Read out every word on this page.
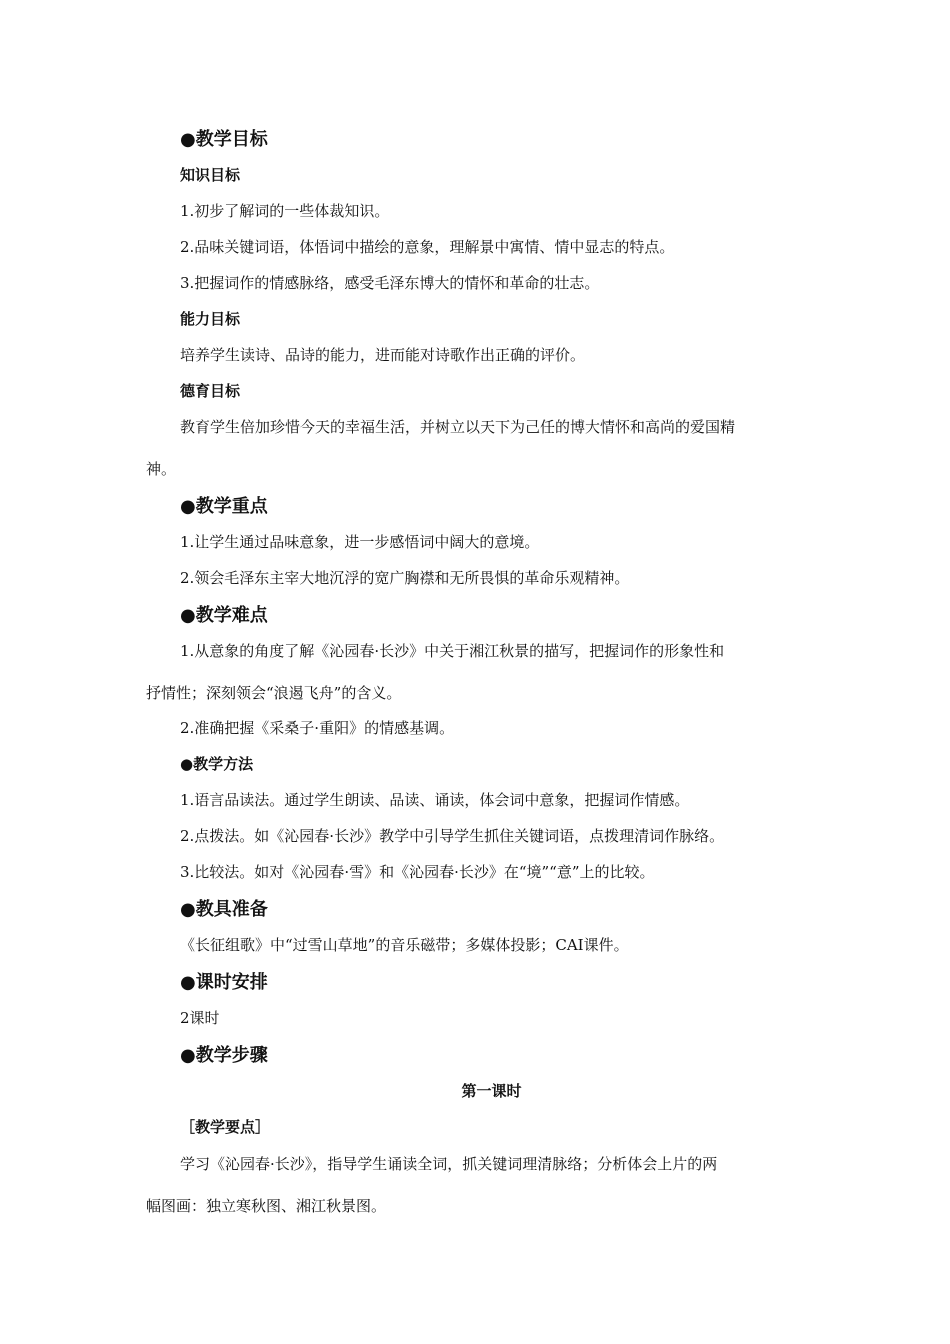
●教学目标
知识目标
1.初步了解词的一些体裁知识。
2.品味关键词语，体悟词中描绘的意象，理解景中寓情、情中显志的特点。
3.把握词作的情感脉络，感受毛泽东博大的情怀和革命的壮志。
能力目标
培养学生读诗、品诗的能力，进而能对诗歌作出正确的评价。
德育目标
教育学生倍加珍惜今天的幸福生活，并树立以天下为己任的博大情怀和高尚的爱国精
神。
●教学重点
1.让学生通过品味意象，进一步感悟词中阔大的意境。
2.领会毛泽东主宰大地沉浮的宽广胸襟和无所畏惧的革命乐观精神。
●教学难点
1.从意象的角度了解《沁园春·长沙》中关于湘江秋景的描写，把握词作的形象性和
抒情性；深刻领会“浪遏飞舟”的含义。
2.准确把握《采桑子·重阳》的情感基调。
●教学方法
1.语言品读法。通过学生朗读、品读、诵读，体会词中意象，把握词作情感。
2.点拨法。如《沁园春·长沙》教学中引导学生抓住关键词语，点拨理清词作脉络。
3.比较法。如对《沁园春·雪》和《沁园春·长沙》在“境”“意”上的比较。
●教具准备
《长征组歌》中“过雪山草地”的音乐磁带；多媒体投影；CAI课件。
●课时安排
2课时
●教学步骤
第一课时
［教学要点］
学习《沁园春·长沙》，指导学生诵读全词，抓关键词理清脉络；分析体会上片的两
幅图画：独立寒秋图、湘江秋景图。
